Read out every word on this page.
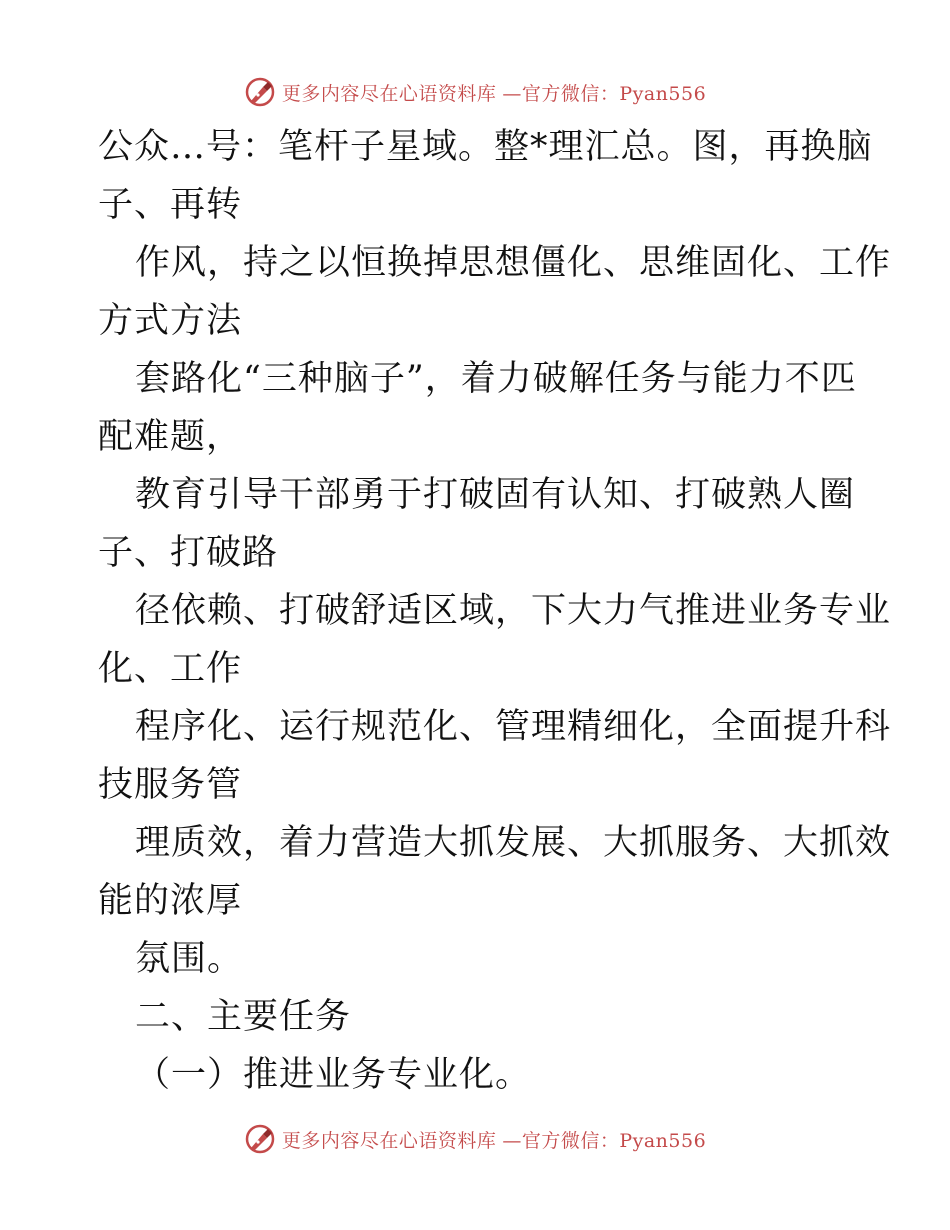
更多内容尽在心语资料库 —官方微信：Pyan556
公众…号：笔杆子星域。整*理汇总。图，再换脑
子、再转
作风，持之以恒换掉思想僵化、思维固化、工作
方式方法
套路化“三种脑子”，着力破解任务与能力不匹
配难题，
教育引导干部勇于打破固有认知、打破熟人圈
子、打破路
径依赖、打破舒适区域，下大力气推进业务专业
化、工作
程序化、运行规范化、管理精细化，全面提升科
技服务管
理质效，着力营造大抓发展、大抓服务、大抓效
能的浓厚
氛围。
二、主要任务
（一）推进业务专业化。
更多内容尽在心语资料库 —官方微信：Pyan556
